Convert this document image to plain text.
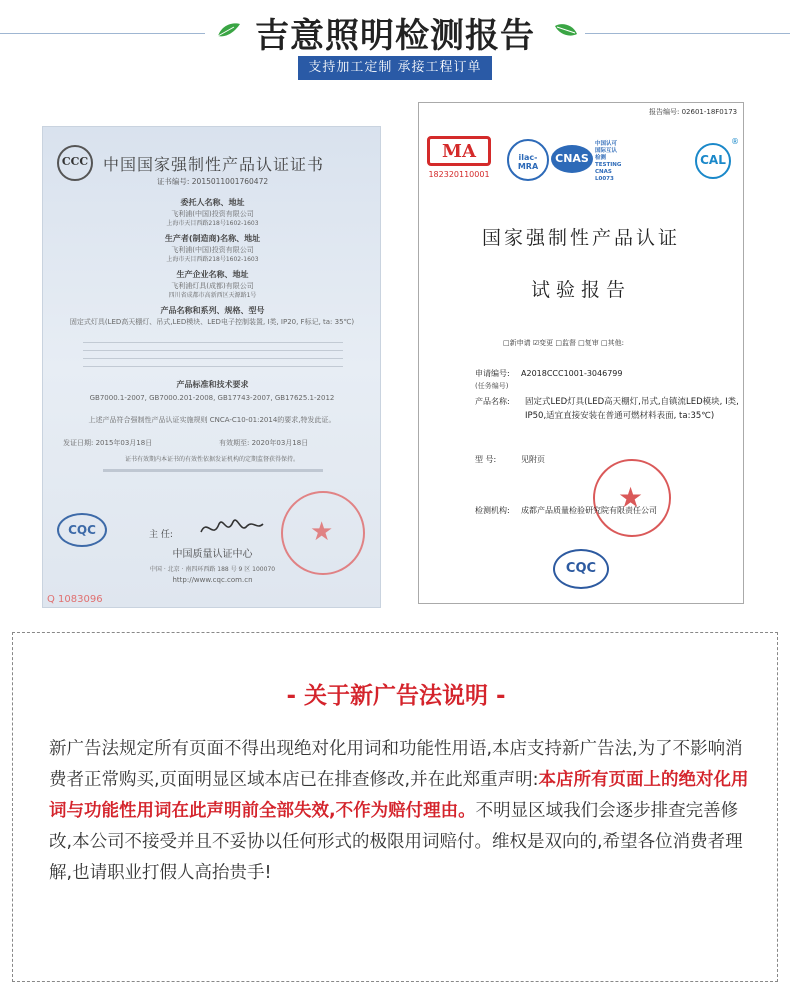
吉意照明检测报告
支持加工定制 承接工程订单
CCC 中国国家强制性产品认证证书
证书编号: 2015011001760472
委托人名称、地址
飞利浦(中国)投资有限公司
上海市天目西路218号1602-1603
生产者(制造商)名称、地址
飞利浦(中国)投资有限公司
上海市天目西路218号1602-1603
生产企业名称、地址
飞利浦灯具(成都)有限公司
四川省成都市高新西区天源路1号
产品名称和系列、规格、型号
固定式灯具(LED高天棚灯、吊式,LED模块、LED电子控制装置, I类, IP20, F标记, ta: 35℃)
产品标准和技术要求
GB7000.1-2007, GB7000.201-2008, GB17743-2007, GB17625.1-2012
上述产品符合强制性产品认证实施规则 CNCA-C10-01:2014的要求,特发此证。
发证日期: 2015年03月18日	有效期至: 2020年03月18日
证书有效期内本证书的有效性依据发证机构的定期监督获得保持。
CQC	主 任:	★
中国质量认证中心
中国 · 北京 · 南四环西路 188 号 9 区 100070
http://www.cqc.com.cn
Q 1083096
报告编号: 02601-18F0173
MA
182320110001
ilac-MRA
CNAS
中国认可
国际互认
检测
TESTING
CNAS L0073
CAL
®
国家强制性产品认证
试验报告
□新申请 ☑变更 □监督 □复审 □其他:
申请编号: A2018CCC1001-3046799
(任务编号)
产品名称:	固定式LED灯具(LED高天棚灯,吊式,自镇流LED模块, I类, IP50,适宜直接安装在普通可燃材料表面, ta:35℃)
型 号:	见附页
★
检测机构: 成都产品质量检验研究院有限责任公司
CQC
- 关于新广告法说明 -
新广告法规定所有页面不得出现绝对化用词和功能性用语,本店支持新广告法,为了不影响消费者正常购买,页面明显区域本店已在排查修改,并在此郑重声明:本店所有页面上的绝对化用词与功能性用词在此声明前全部失效,不作为赔付理由。不明显区域我们会逐步排查完善修改,本公司不接受并且不妥协以任何形式的极限用词赔付。维权是双向的,希望各位消费者理解,也请职业打假人高抬贵手!
